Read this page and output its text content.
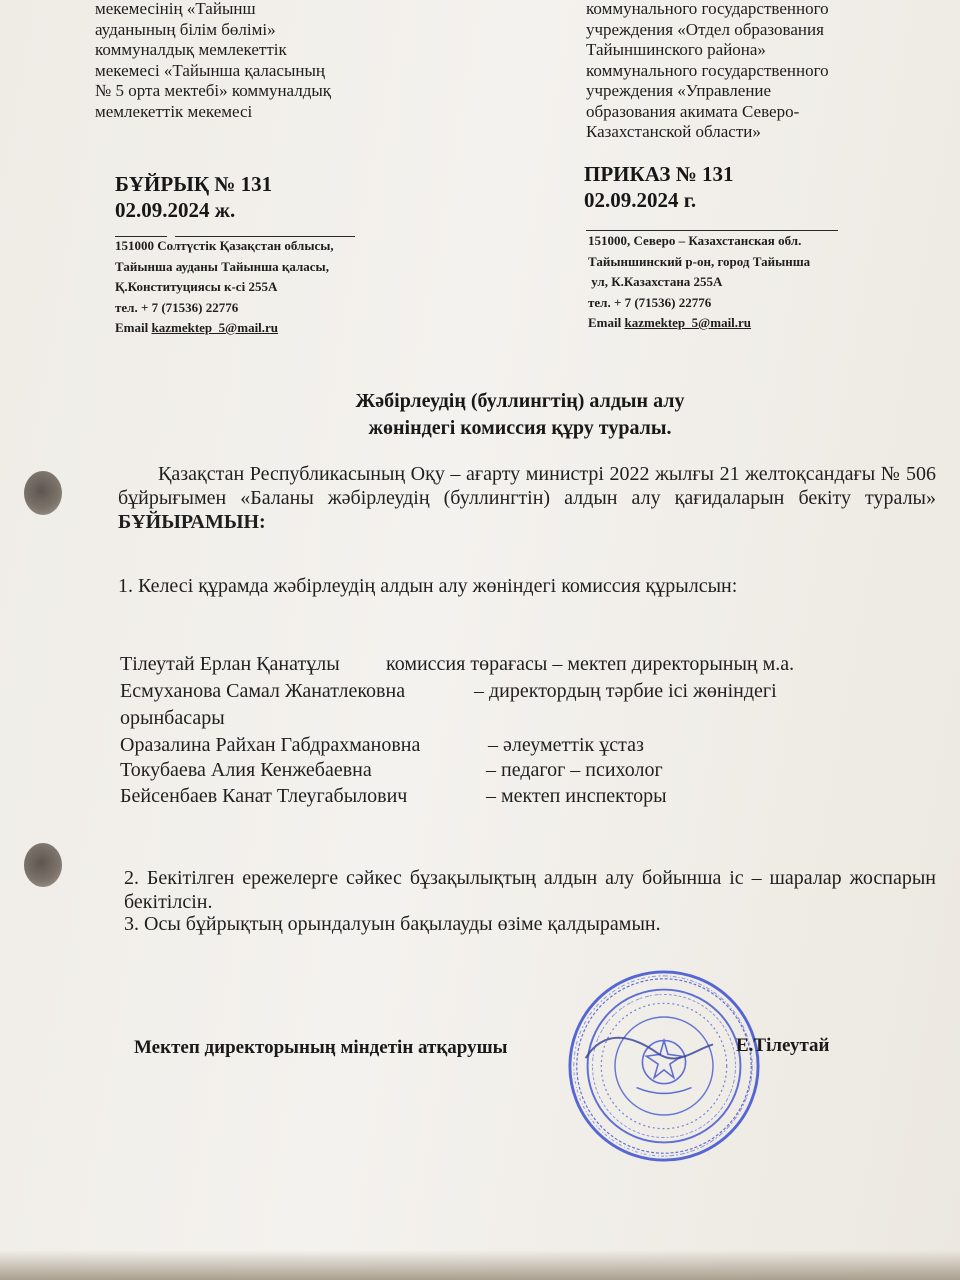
мекемесінің «Тайынш
ауданының білім бөлімі»
коммуналдық мемлекеттік
мекемесі «Тайынша қаласының
№ 5 орта мектебі» коммуналдық
мемлекеттік мекемесі
коммунального государственного
учреждения «Отдел образования
Тайыншинского района»
коммунального государственного
учреждения «Управление
образования акимата Северо-
Казахстанской области»
БҰЙРЫҚ № 131
02.09.2024 ж.
ПРИКАЗ № 131
02.09.2024 г.
151000 Солтүстік Қазақстан облысы,
Тайынша ауданы Тайынша қаласы,
Қ.Конституциясы к-сі 255А
тел. + 7 (71536) 22776
Email kazmektep_5@mail.ru
151000, Северо – Казахстанская обл.
Тайыншинский р-он, город Тайынша
ул, К.Казахстана 255А
тел. + 7 (71536) 22776
Email kazmektep_5@mail.ru
Жәбірлеудің (буллингтің) алдын алу
жөніндегі комиссия құру туралы.
Қазақстан Республикасының Оқу – ағарту министрі 2022 жылғы 21 желтоқсандағы № 506 бұйрығымен «Баланы жәбірлеудің (буллингтін) алдын алу қағидаларын бекіту туралы» БҰЙЫРАМЫН:
1. Келесі құрамда жәбірлеудің алдын алу жөніндегі комиссия құрылсын:
Тілеутай Ерлан Қанатұлы комиссия төрағасы – мектеп директорының м.а.
Есмуханова Самал Жанатлековна	– директордың тәрбие ісі жөніндегі
орынбасары
Оразалина Райхан Габдрахмановна	– әлеуметтік ұстаз
Токубаева Алия Кенжебаевна	– педагог – психолог
Бейсенбаев Канат Тлеугабылович	– мектеп инспекторы
2. Бекітілген ережелерге сәйкес бұзақылықтың алдын алу бойынша іс – шаралар жоспарын бекітілсін.
3. Осы бұйрықтың орындалуын бақылауды өзіме қалдырамын.
Мектеп директорының міндетін атқарушы	Е.Тілеутай
